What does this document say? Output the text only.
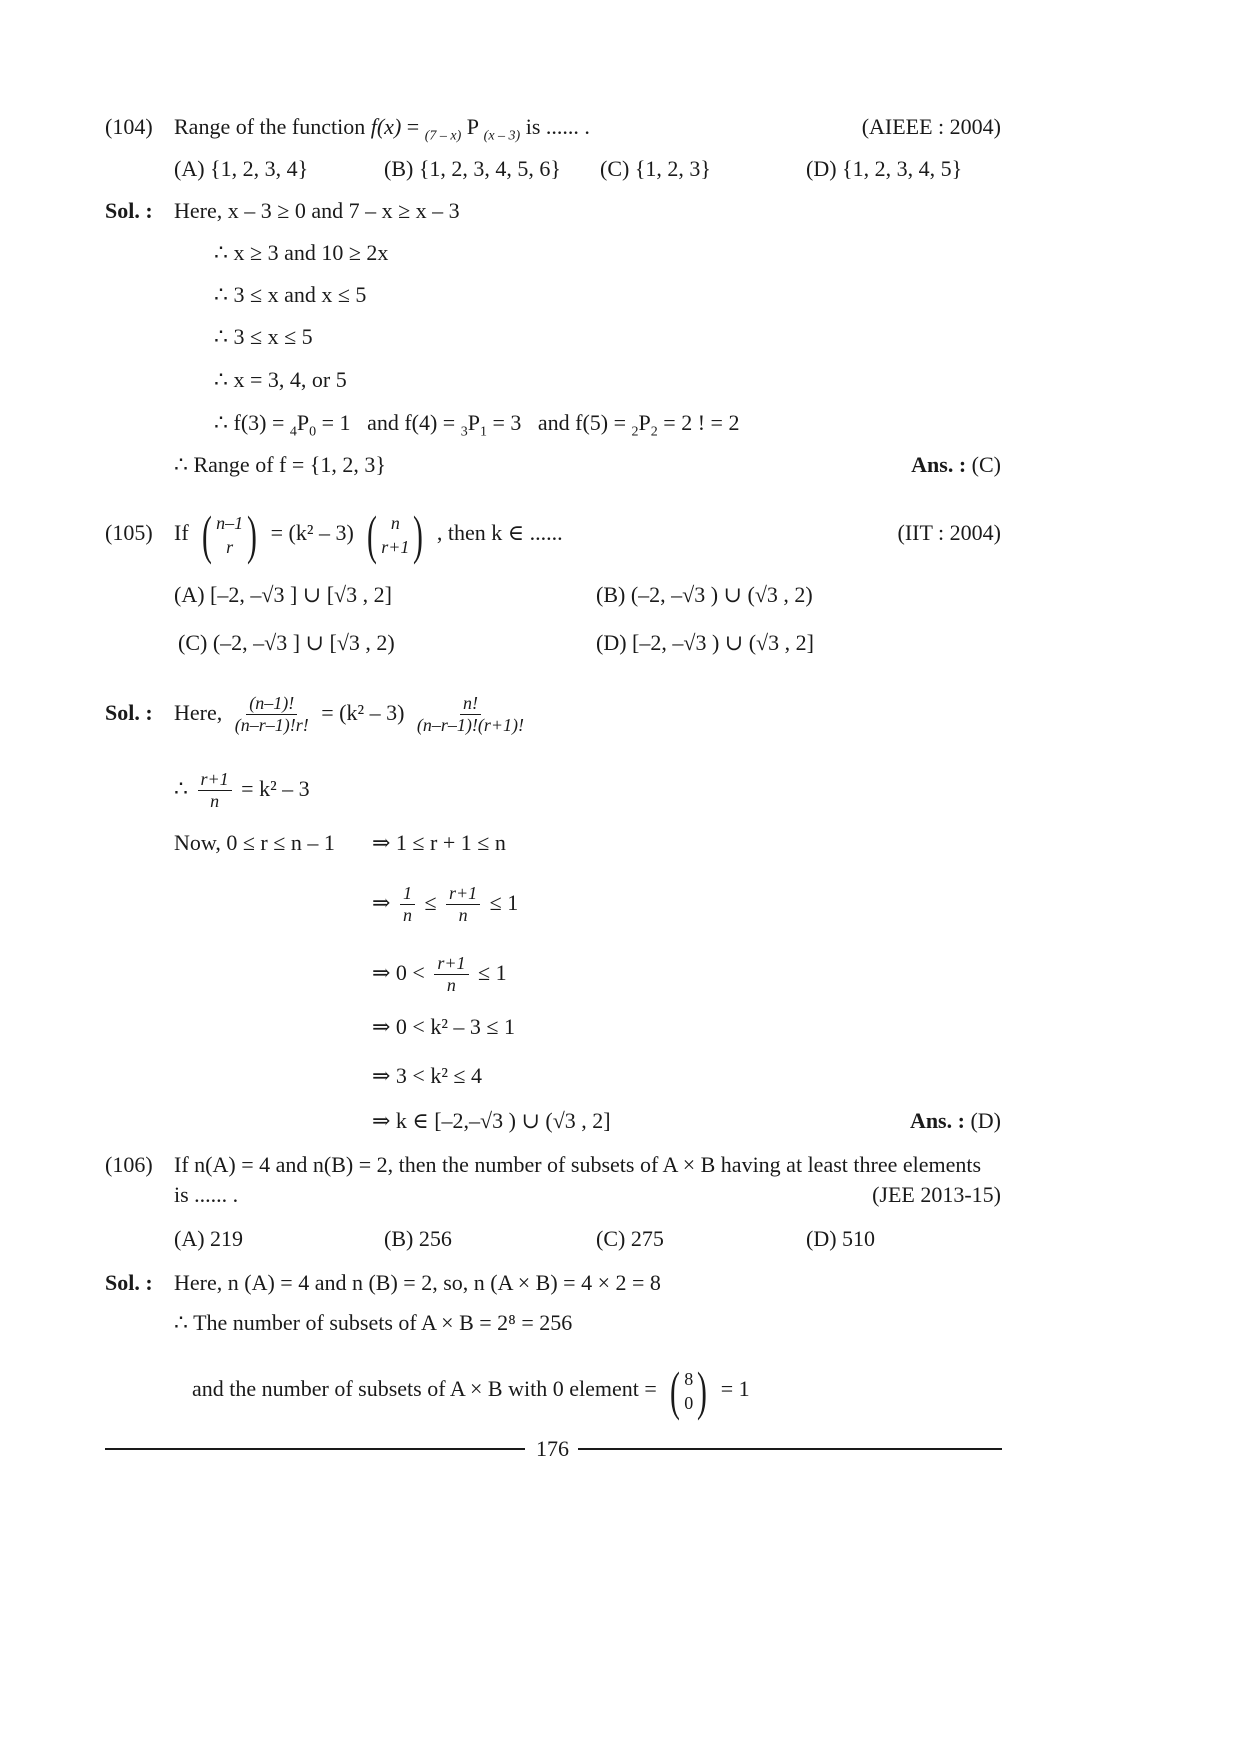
(104) Range of the function f(x) = $_{(7 - x)}$ P $_{(x - 3)}$ is ...... .	(AIEEE : 2004)
(A) {1, 2, 3, 4}	(B) {1, 2, 3, 4, 5, 6} (C) {1, 2, 3}	(D) {1, 2, 3, 4, 5}
Sol. : Here, x – 3 ≥ 0 and 7 – x ≥ x – 3
∴ x ≥ 3 and 10 ≥ 2x
∴ 3 ≤ x and x ≤ 5
∴ 3 ≤ x ≤ 5
∴ x = 3, 4, or 5
∴ $f(3) = _4P_0 = 1$ and $f(4) = _3P_1 = 3$ and $f(5) = _2P_2 = 2$ ! = 2
∴ Range of f = {1, 2, 3}	Ans. : (C)
(105) If ( n–1
r ) = (k² – 3) ( n
r+1 ) , then k ∈ ......	(IIT : 2004)
(A) [–2, –√3 ] ∪ [√3 , 2]	(B) (–2, –√3 ) ∪ (√3 , 2)
(C) (–2, –√3 ] ∪ [√3 , 2)	(D) [–2, –√3 ) ∪ (√3 , 2]
Sol. : Here, $\frac{(n-1)!}{(n-r-1)!r!} = (k^2 - 3) \frac{n!}{(n-r-1)!(r+1)!}$
∴ $\frac{r+1}{n} = k^2 - 3$
Now, 0 ≤ r ≤ n – 1 ⇒ 1 ≤ r + 1 ≤ n
⇒ $\frac{1}{n} \le \frac{r+1}{n} \le 1$
⇒ $0 < \frac{r+1}{n} \le 1$
⇒ 0 < k² – 3 ≤ 1
⇒ 3 < k² ≤ 4
⇒ k ∈ [–2,–√3 ) ∪ (√3 , 2]	Ans. : (D)
(106) If n(A) = 4 and n(B) = 2, then the number of subsets of A × B having at least three elements
is ...... .	(JEE 2013-15)
(A) 219	(B) 256	(C) 275	(D) 510
Sol. : Here, n (A) = 4 and n (B) = 2, so, n (A × B) = 4 × 2 = 8
∴ The number of subsets of A × B = 2⁸ = 256
and the number of subsets of A × B with 0 element = ( 8
0 ) = 1
176
